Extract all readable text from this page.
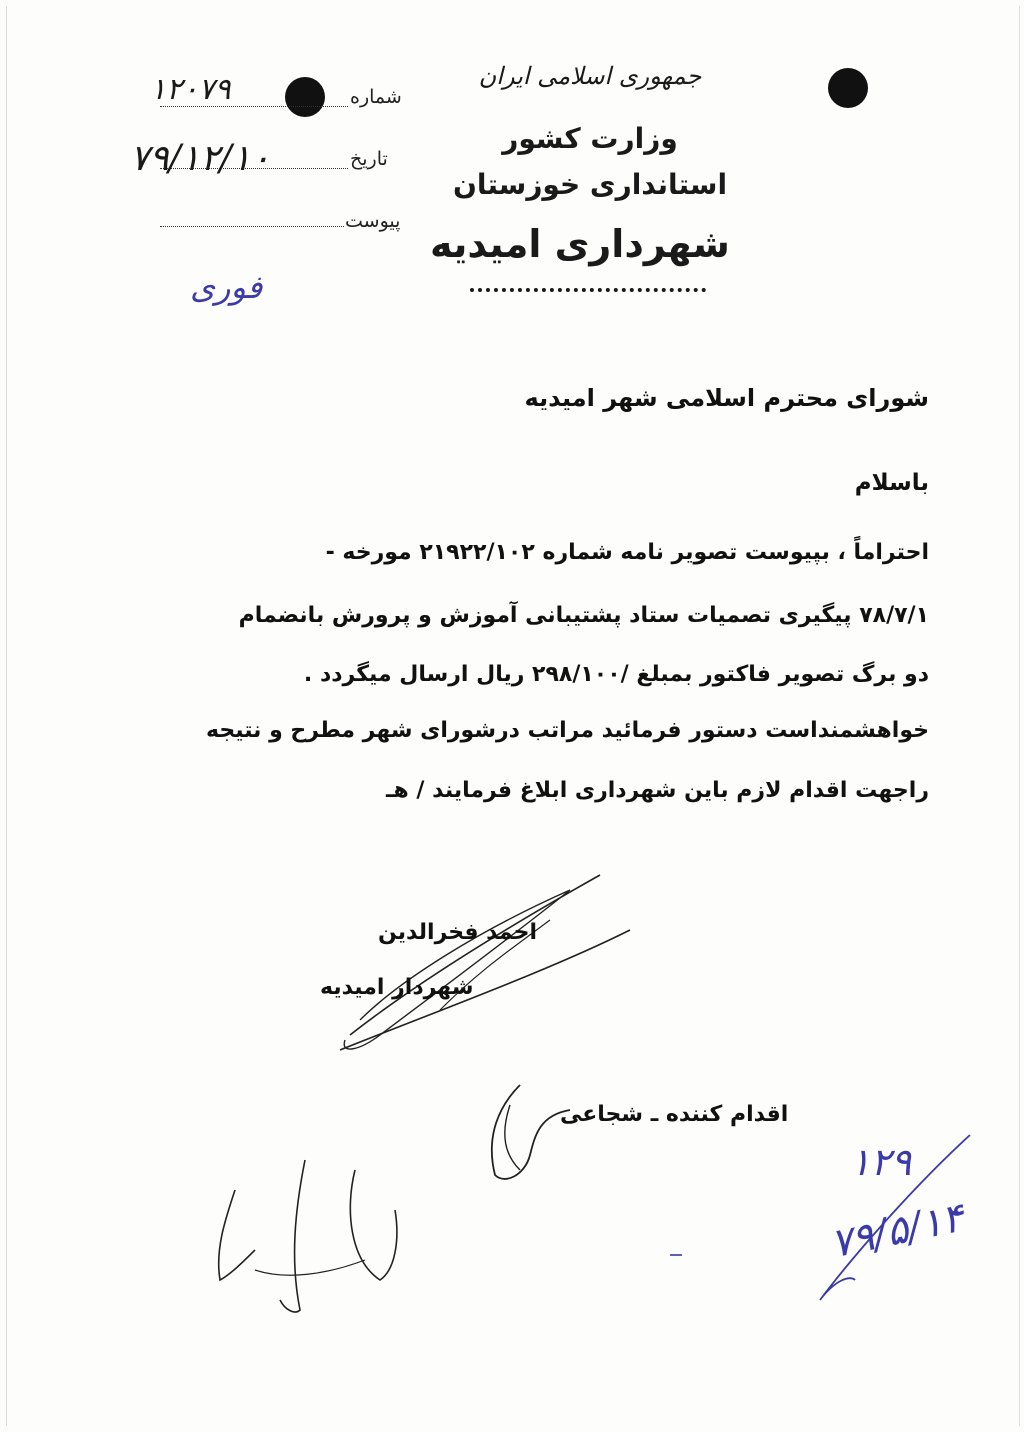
جمهوری اسلامی ایران
وزارت کشور
استانداری خوزستان
شهرداری امیدیه
شماره
۱۲۰۷۹
تاریخ
۷۹/۱۲/۱۰
پیوست
فوری
شورای محترم اسلامی شهر امیدیه
باسلام
احتراماً ، بپیوست تصویر نامه شماره ۲۱۹۲۲/۱۰۲ مورخه -
۷۸/۷/۱ پیگیری تصمیات ستاد پشتیبانی آموزش و پرورش بانضمام
دو برگ تصویر فاکتور بمبلغ /۲۹۸/۱۰۰ ریال ارسال میگردد .
خواهشمنداست دستور فرمائید مراتب درشورای شهر مطرح و نتیجه
راجهت اقدام لازم باین شهرداری ابلاغ فرمایند / هـ
احمد فخرالدین
شهردار امیدیه
اقدام کننده ـ شجاعی
۱۲۹
۷۹/۵/۱۴
